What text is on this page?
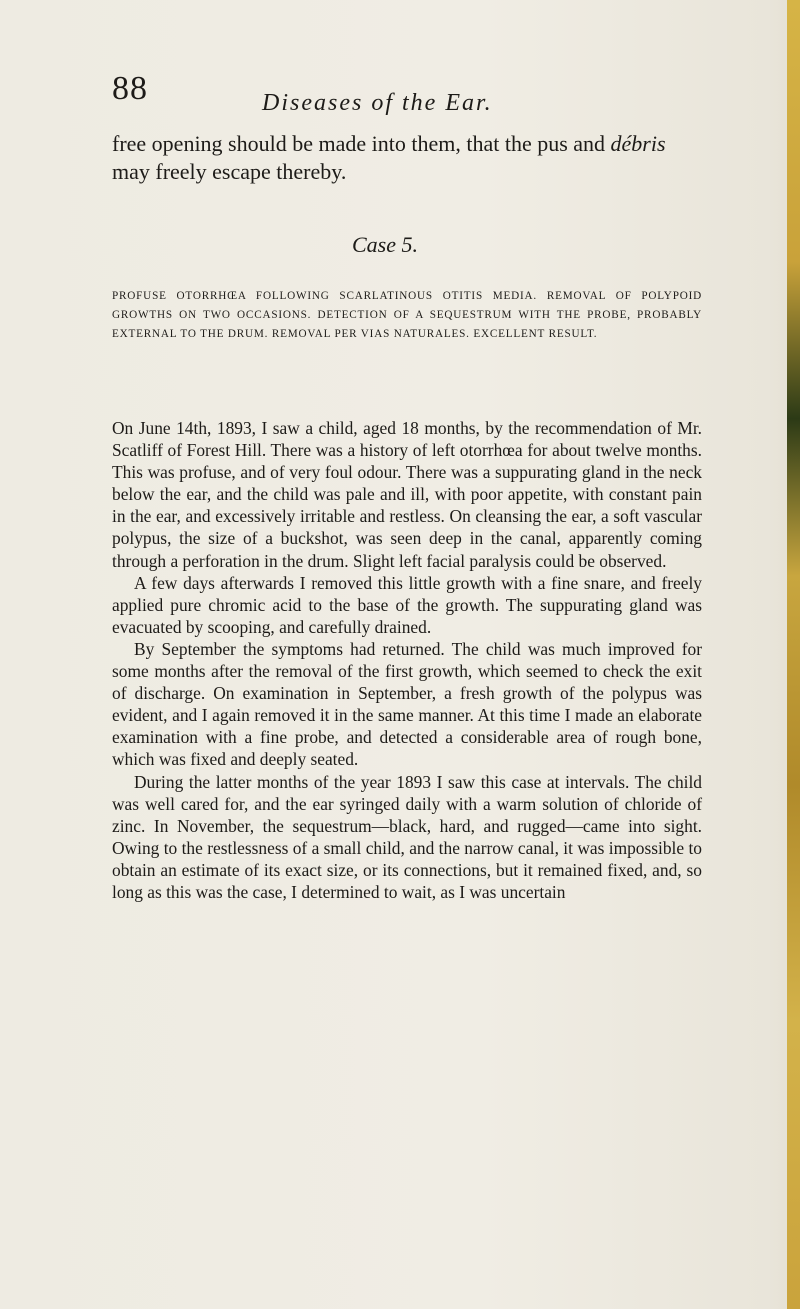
88	Diseases of the Ear.
free opening should be made into them, that the pus and débris may freely escape thereby.
Case 5.
PROFUSE OTORRHŒA FOLLOWING SCARLATINOUS OTITIS MEDIA. REMOVAL OF POLYPOID GROWTHS ON TWO OCCASIONS. DETECTION OF A SEQUESTRUM WITH THE PROBE, PROBABLY EXTERNAL TO THE DRUM. REMOVAL PER VIAS NATURALES. EXCELLENT RESULT.

On June 14th, 1893, I saw a child, aged 18 months, by the recommendation of Mr. Scatliff of Forest Hill. There was a history of left otorrhœa for about twelve months. This was profuse, and of very foul odour. There was a suppurating gland in the neck below the ear, and the child was pale and ill, with poor appetite, with constant pain in the ear, and excessively irritable and restless. On cleansing the ear, a soft vascular polypus, the size of a buckshot, was seen deep in the canal, apparently coming through a perforation in the drum. Slight left facial paralysis could be observed.

A few days afterwards I removed this little growth with a fine snare, and freely applied pure chromic acid to the base of the growth. The suppurating gland was evacuated by scooping, and carefully drained.

By September the symptoms had returned. The child was much improved for some months after the removal of the first growth, which seemed to check the exit of discharge. On examination in September, a fresh growth of the polypus was evident, and I again removed it in the same manner. At this time I made an elaborate examination with a fine probe, and detected a considerable area of rough bone, which was fixed and deeply seated.

During the latter months of the year 1893 I saw this case at intervals. The child was well cared for, and the ear syringed daily with a warm solution of chloride of zinc. In November, the sequestrum—black, hard, and rugged—came into sight. Owing to the restlessness of a small child, and the narrow canal, it was impossible to obtain an estimate of its exact size, or its connections, but it remained fixed, and, so long as this was the case, I determined to wait, as I was uncertain
